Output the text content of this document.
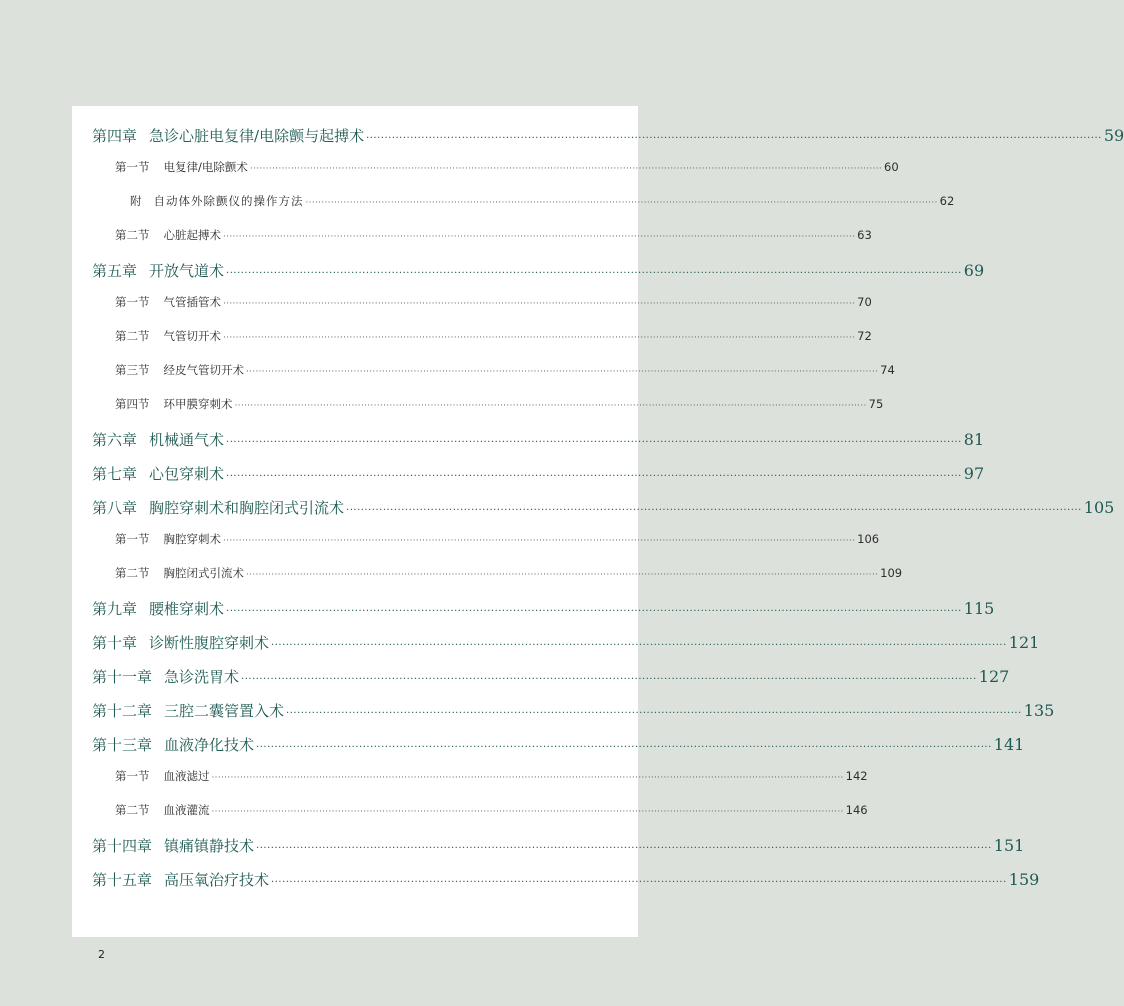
第四章 急诊心脏电复律/电除颤与起搏术 ········································································································································································································ 59
第一节 电复律/电除颤术 ········································································································································································································ 60
附 自动体外除颤仪的操作方法 ········································································································································································································ 62
第二节 心脏起搏术 ········································································································································································································ 63
第五章 开放气道术 ········································································································································································································ 69
第一节 气管插管术 ········································································································································································································ 70
第二节 气管切开术 ········································································································································································································ 72
第三节 经皮气管切开术 ········································································································································································································ 74
第四节 环甲膜穿刺术 ········································································································································································································ 75
第六章 机械通气术 ········································································································································································································ 81
第七章 心包穿刺术 ········································································································································································································ 97
第八章 胸腔穿刺术和胸腔闭式引流术 ········································································································································································································ 105
第一节 胸腔穿刺术 ········································································································································································································ 106
第二节 胸腔闭式引流术 ········································································································································································································ 109
第九章 腰椎穿刺术 ········································································································································································································ 115
第十章 诊断性腹腔穿刺术 ········································································································································································································ 121
第十一章 急诊洗胃术 ········································································································································································································ 127
第十二章 三腔二囊管置入术 ········································································································································································································ 135
第十三章 血液净化技术 ········································································································································································································ 141
第一节 血液滤过 ········································································································································································································ 142
第二节 血液灌流 ········································································································································································································ 146
第十四章 镇痛镇静技术 ········································································································································································································ 151
第十五章 高压氧治疗技术 ········································································································································································································ 159
2
